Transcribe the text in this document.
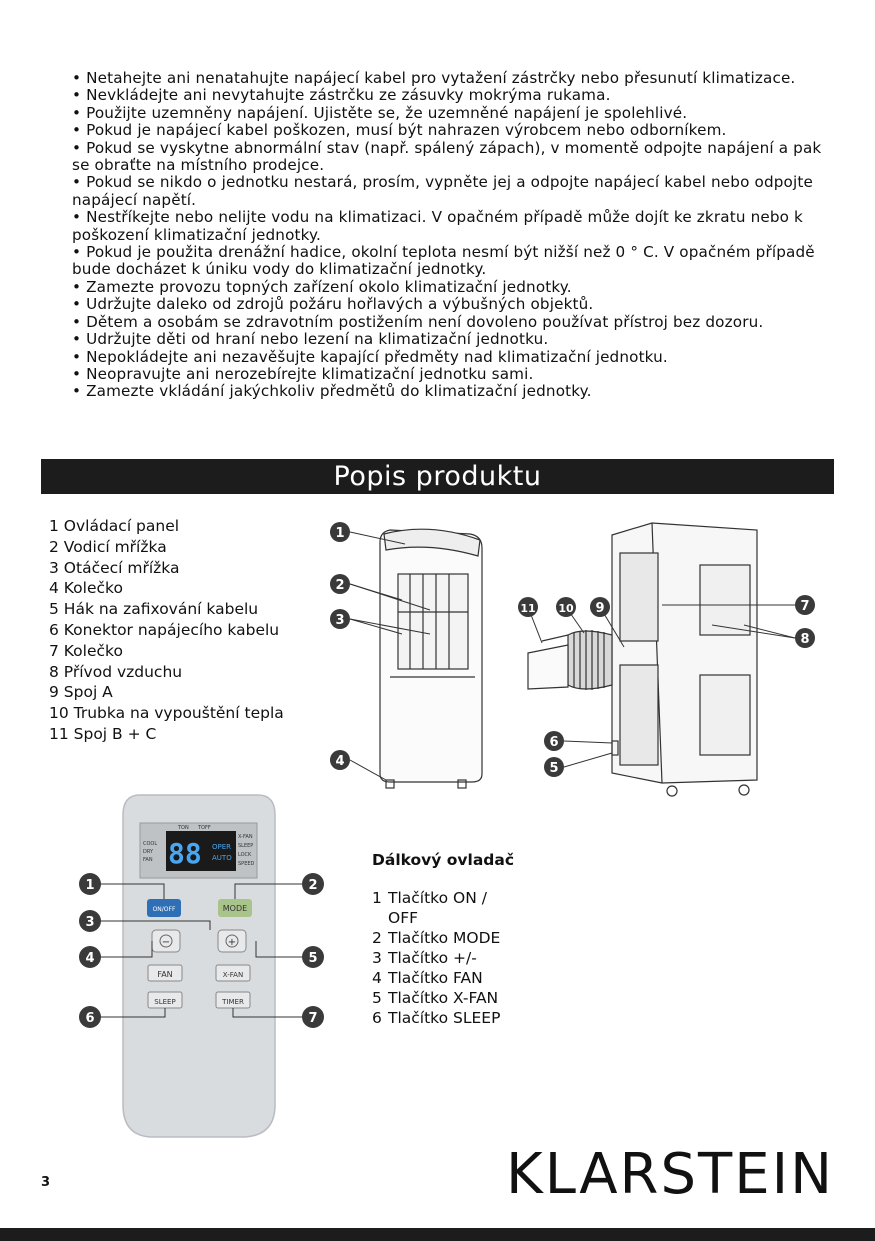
• Netahejte ani nenatahujte napájecí kabel pro vytažení zástrčky nebo přesunutí klimatizace.

• Nevkládejte ani nevytahujte zástrčku ze zásuvky mokrýma rukama.

• Použijte uzemněny napájení. Ujistěte se, že uzemněné napájení je spolehlivé.

• Pokud je napájecí kabel poškozen, musí být nahrazen výrobcem nebo odborníkem.

• Pokud se vyskytne abnormální stav (např. spálený zápach), v momentě odpojte napájení a pak se obraťte na místního prodejce.

• Pokud se nikdo o jednotku nestará, prosím, vypněte jej a odpojte napájecí kabel nebo odpojte napájecí napětí.

• Nestříkejte nebo nelijte vodu na klimatizaci. V opačném případě může dojít ke zkratu nebo k poškození klimatizační jednotky.

• Pokud je použita drenážní hadice, okolní teplota nesmí být nižší než 0 ° C. V opačném případě bude docházet k úniku vody do klimatizační jednotky.

• Zamezte provozu topných zařízení okolo klimatizační jednotky.

• Udržujte daleko od zdrojů požáru hořlavých a výbušných objektů.

• Dětem a osobám se zdravotním postižením není dovoleno používat přístroj bez dozoru.

• Udržujte děti od hraní nebo lezení na klimatizační jednotku.

• Nepokládejte ani nezavěšujte kapající předměty nad klimatizační jednotku.

• Neopravujte ani nerozebírejte klimatizační jednotku sami.

• Zamezte vkládání jakýchkoliv předmětů do klimatizační jednotky.

Popis produktu
1 Ovládací panel
2 Vodicí mřížka
3 Otáčecí mřížka
4 Kolečko
5 Hák na zafixování kabelu
6 Konektor napájecího kabelu
7 Kolečko
8 Přívod vzduchu
9 Spoj A
10 Trubka na vypouštění tepla
11 Spoj B + C
1
2
3
4
11 10 9	7
8
6
5
88 OPER
AUTO
TON TOFF
COOL
DRY
FAN
X-FAN
SLEEP
LOCK
SPEED
ON/OFF	MODE
−	+
FAN	X-FAN
SLEEP	TIMER
1	2
3
4	5
6	7
Dálkový ovladač
1 Tlačítko ON /
OFF
2 Tlačítko MODE
3 Tlačítko +/-
4 Tlačítko FAN
5 Tlačítko X-FAN
6 Tlačítko SLEEP
3	KLARSTEIN
